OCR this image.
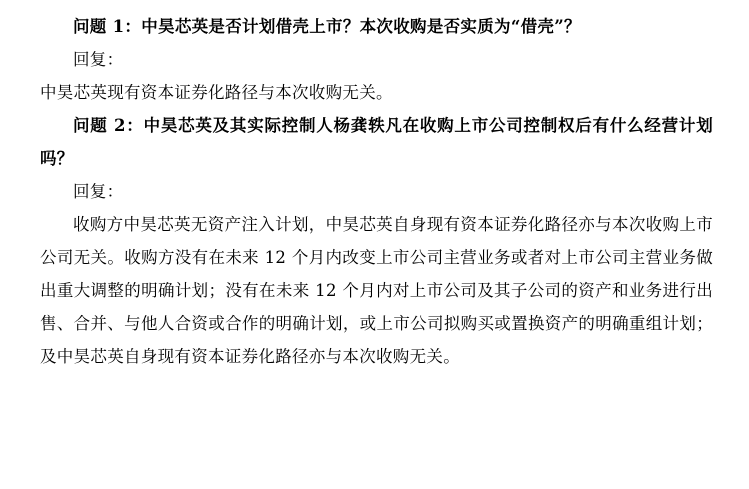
问题 1：中昊芯英是否计划借壳上市？本次收购是否实质为“借壳”？

回复：

中昊芯英现有资本证券化路径与本次收购无关。

问题 2：中昊芯英及其实际控制人杨龚轶凡在收购上市公司控制权后有什么经营计划吗？

回复：

收购方中昊芯英无资产注入计划，中昊芯英自身现有资本证券化路径亦与本次收购上市公司无关。收购方没有在未来 12 个月内改变上市公司主营业务或者对上市公司主营业务做出重大调整的明确计划；没有在未来 12 个月内对上市公司及其子公司的资产和业务进行出售、合并、与他人合资或合作的明确计划，或上市公司拟购买或置换资产的明确重组计划；及中昊芯英自身现有资本证券化路径亦与本次收购无关。
